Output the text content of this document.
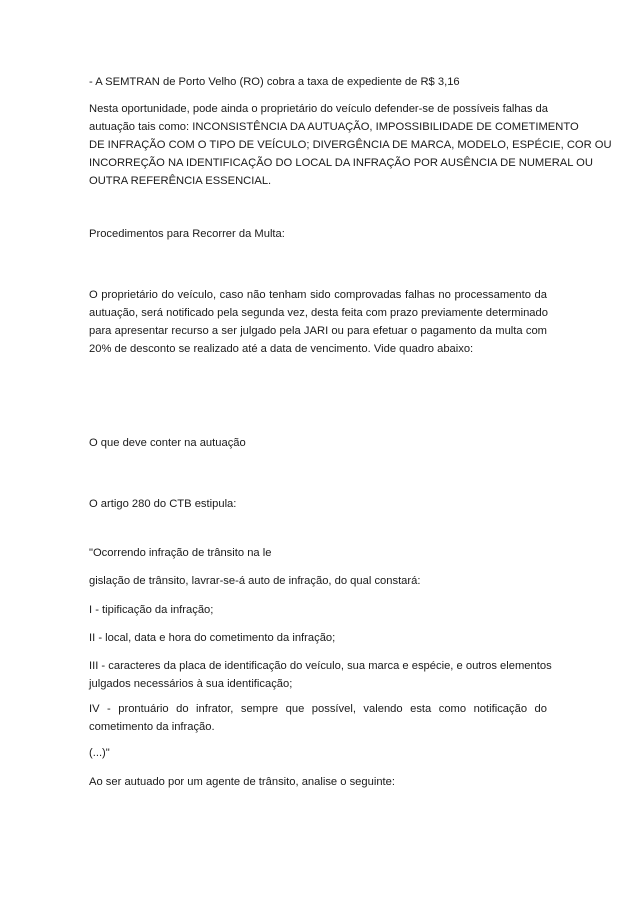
- A SEMTRAN de Porto Velho (RO) cobra a taxa de expediente de R$ 3,16

Nesta oportunidade, pode ainda o proprietário do veículo defender-se de possíveis falhas da
autuação tais como: INCONSISTÊNCIA DA AUTUAÇÃO, IMPOSSIBILIDADE DE COMETIMENTO
DE INFRAÇÃO COM O TIPO DE VEÍCULO; DIVERGÊNCIA DE MARCA, MODELO, ESPÉCIE, COR OU
INCORREÇÃO NA IDENTIFICAÇÃO DO LOCAL DA INFRAÇÃO POR AUSÊNCIA DE NUMERAL OU
OUTRA REFERÊNCIA ESSENCIAL.

Procedimentos para Recorrer da Multa:

O proprietário do veículo, caso não tenham sido comprovadas falhas no processamento da
autuação, será notificado pela segunda vez, desta feita com prazo previamente determinado
para apresentar recurso a ser julgado pela JARI ou para efetuar o pagamento da multa com
20% de desconto se realizado até a data de vencimento. Vide quadro abaixo:

O que deve conter na autuação

O artigo 280 do CTB estipula:

"Ocorrendo infração de trânsito na le

gislação de trânsito, lavrar-se-á auto de infração, do qual constará:

I - tipificação da infração;

II - local, data e hora do cometimento da infração;

III - caracteres da placa de identificação do veículo, sua marca e espécie, e outros elementos
julgados necessários à sua identificação;
IV - prontuário do infrator, sempre que possível, valendo esta como notificação do
cometimento da infração.

(...)"

Ao ser autuado por um agente de trânsito, analise o seguinte:
